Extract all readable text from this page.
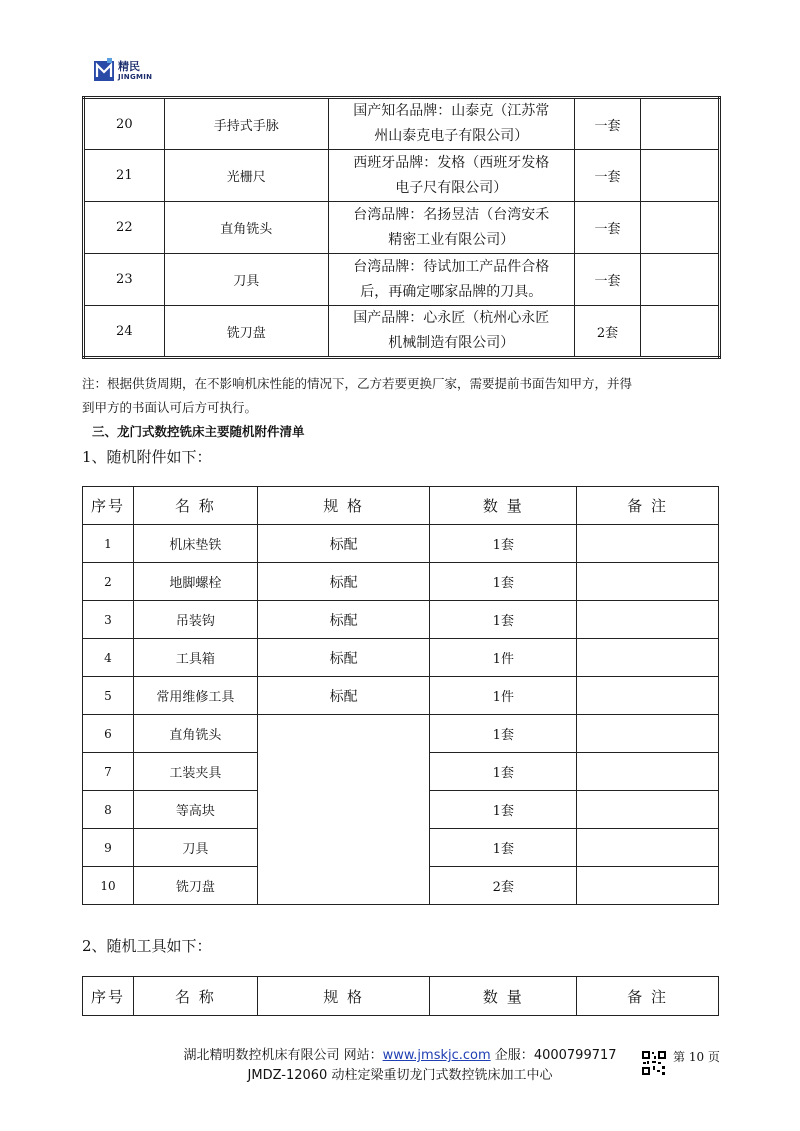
精民
JINGMIN
20	手持式手脉	国产知名品牌：山泰克（江苏常
州山泰克电子有限公司）	一套	
21	光栅尺	西班牙品牌：发格（西班牙发格
电子尺有限公司）	一套	
22	直角铣头	台湾品牌：名扬昱洁（台湾安禾
精密工业有限公司）	一套	
23	刀具	台湾品牌：待试加工产品件合格
后，再确定哪家品牌的刀具。	一套	
24	铣刀盘	国产品牌：心永匠（杭州心永匠
机械制造有限公司）	2套	
注：根据供货周期，在不影响机床性能的情况下，乙方若要更换厂家，需要提前书面告知甲方，并得
到甲方的书面认可后方可执行。
三、龙门式数控铣床主要随机附件清单
1、随机附件如下：
序号	名 称	规 格	数 量	备 注
1	机床垫铁	标配	1套	
2	地脚螺栓	标配	1套	
3	吊装钩	标配	1套	
4	工具箱	标配	1件	
5	常用维修工具	标配	1件	
6	直角铣头		1套	
7	工装夹具		1套	
8	等高块		1套	
9	刀具		1套	
10	铣刀盘		2套	
2、随机工具如下：
序号	名 称	规 格	数 量	备 注
湖北精明数控机床有限公司 网站：www.jmskjc.com 企服：4000799717	第 10 页
JMDZ-12060 动柱定梁重切龙门式数控铣床加工中心
